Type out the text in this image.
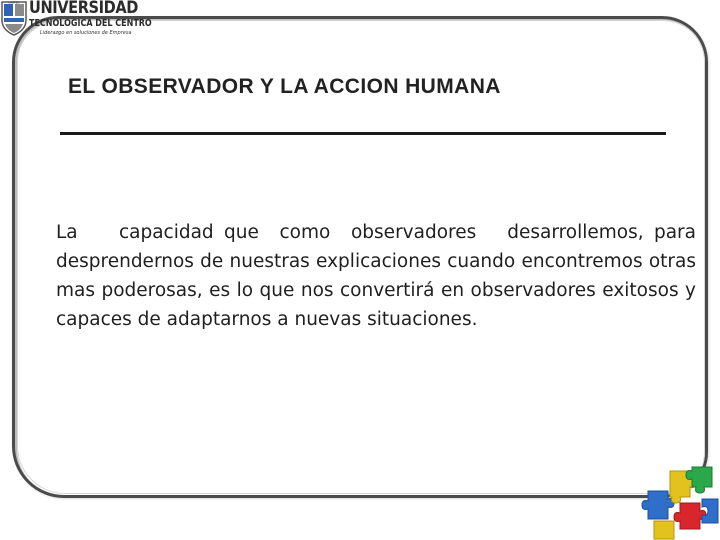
UNITEC UNIVERSIDAD
TECNOLOGICA DEL CENTRO
Liderazgo en soluciones de Empresa
EL OBSERVADOR Y LA ACCION HUMANA
La    capacidad que  como  observadores   desarrollemos, para desprendernos de nuestras explicaciones cuando encontremos otras mas poderosas, es lo que nos convertirá en observadores exitosos y capaces de adaptarnos a nuevas situaciones.
